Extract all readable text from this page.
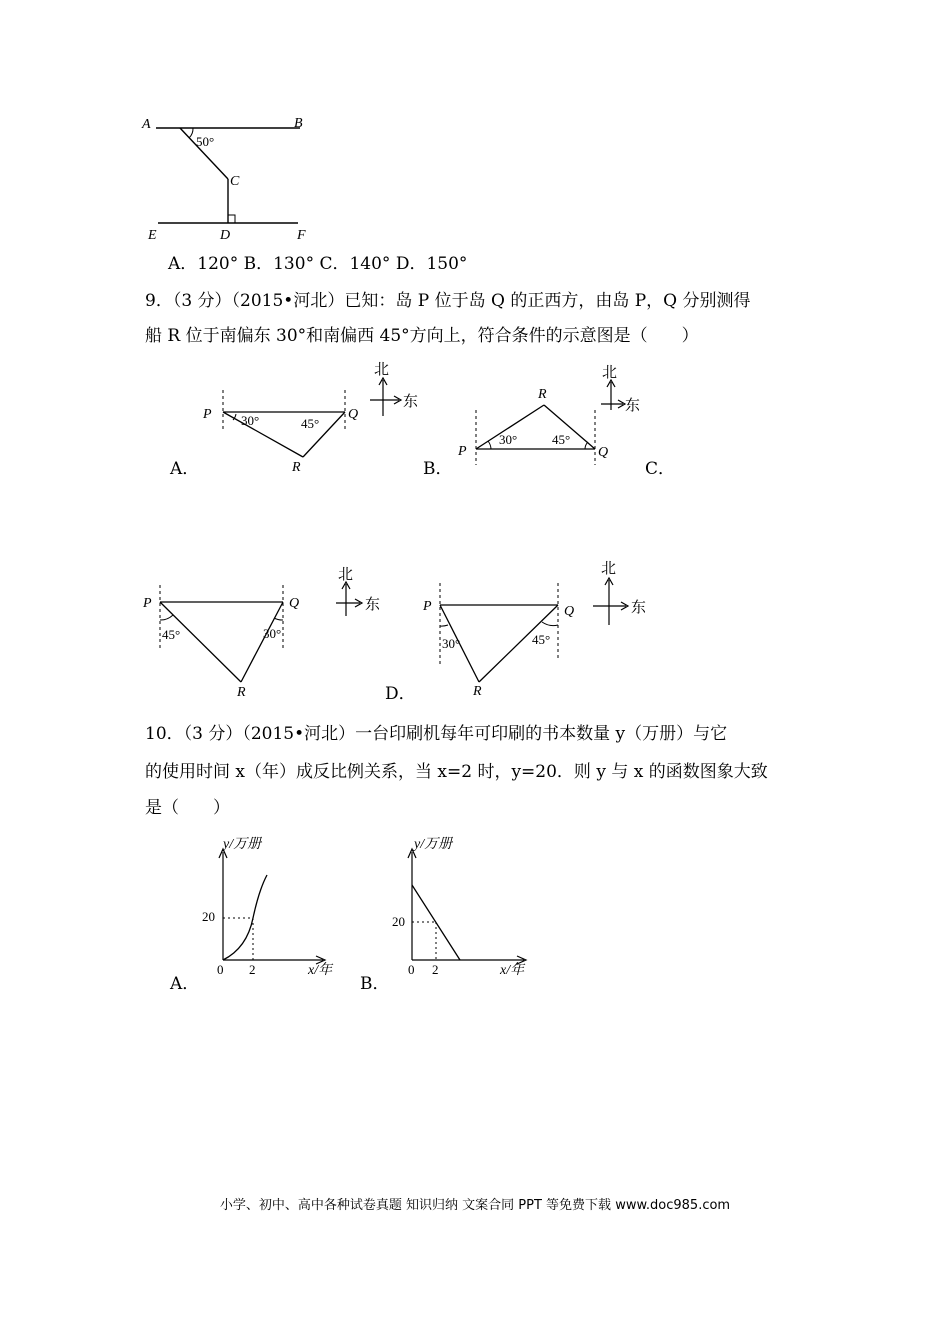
A	B
C
D
E	F
50°
A．120° B．130° C．140° D．150°
9．（3 分）（2015•河北）已知：岛 P 位于岛 Q 的正西方，由岛 P，Q 分别测得
船 R 位于南偏东 30°和南偏西 45°方向上，符合条件的示意图是（　　）
P	Q
R
30°	45°
北
东
A．
P	Q
R
30°	45°
北
东
B．	C．
P	Q
R
45°	30°
北
东	P	Q
R
30°	45°
北
东
D．
10．（3 分）（2015•河北）一台印刷机每年可印刷的书本数量 y（万册）与它
的使用时间 x（年）成反比例关系，当 x=2 时，y=20．则 y 与 x 的函数图象大致
是（　　）
y/万册
x/年
20
2
0
A．
y/万册
x/年
20
2
0
B．
小学、初中、高中各种试卷真题 知识归纳 文案合同 PPT 等免费下载 www.doc985.com
